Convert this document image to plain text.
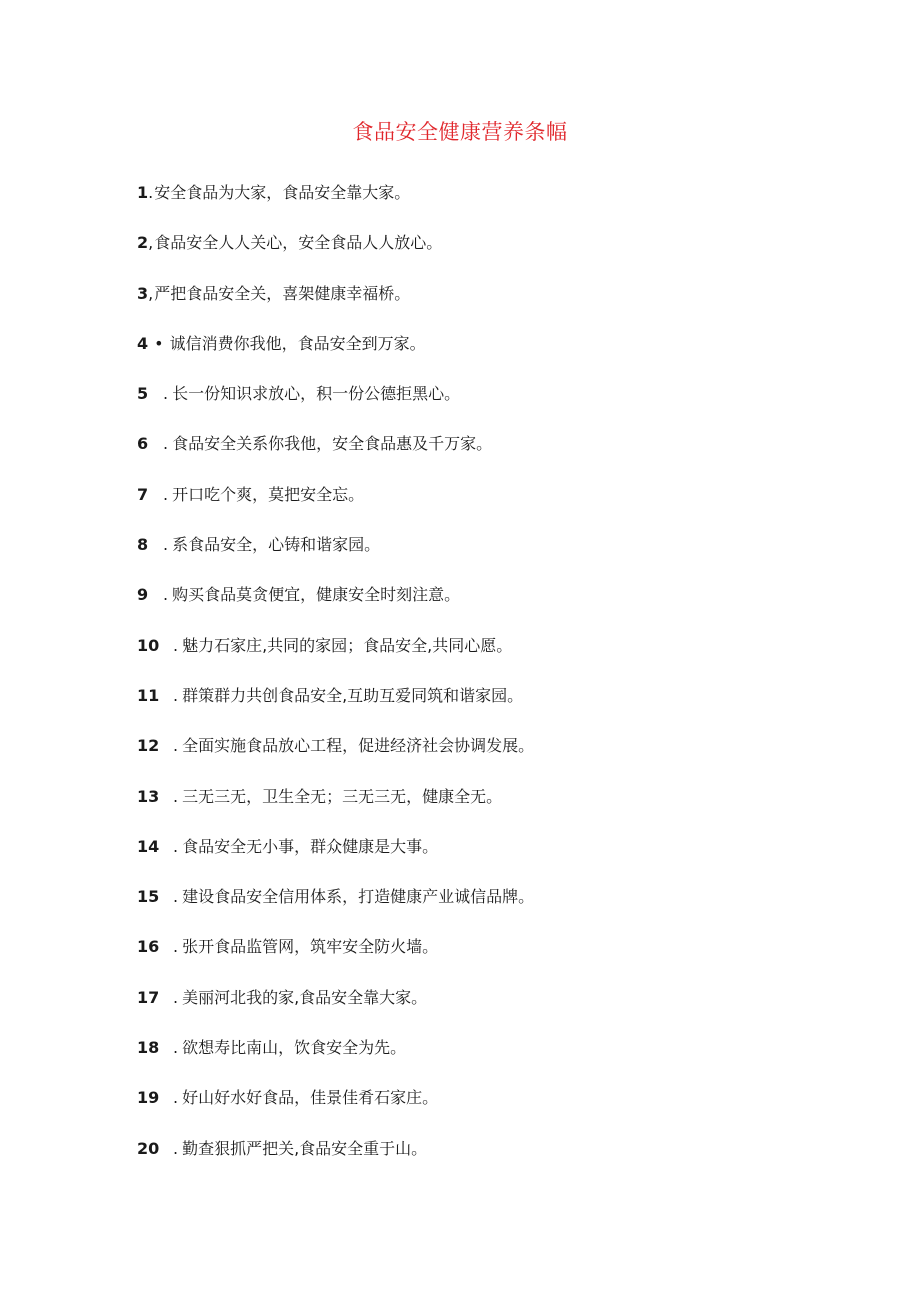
食品安全健康营养条幅
1 . 安全食品为大家，食品安全靠大家。
2 , 食品安全人人关心，安全食品人人放心。
3 , 严把食品安全关，喜架健康幸福桥。
4 • 诚信消费你我他，食品安全到万家。
5 . 长一份知识求放心，积一份公德拒黑心。
6 . 食品安全关系你我他，安全食品惠及千万家。
7 . 开口吃个爽，莫把安全忘。
8 . 系食品安全，心铸和谐家园。
9 . 购买食品莫贪便宜，健康安全时刻注意。
10 . 魅力石家庄,共同的家园；食品安全,共同心愿。
11 . 群策群力共创食品安全,互助互爱同筑和谐家园。
12 . 全面实施食品放心工程，促进经济社会协调发展。
13 . 三无三无，卫生全无；三无三无，健康全无。
14 . 食品安全无小事，群众健康是大事。
15 . 建设食品安全信用体系，打造健康产业诚信品牌。
16 . 张开食品监管网，筑牢安全防火墙。
17 . 美丽河北我的家,食品安全靠大家。
18 . 欲想寿比南山，饮食安全为先。
19 . 好山好水好食品，佳景佳肴石家庄。
20 . 勤查狠抓严把关,食品安全重于山。
